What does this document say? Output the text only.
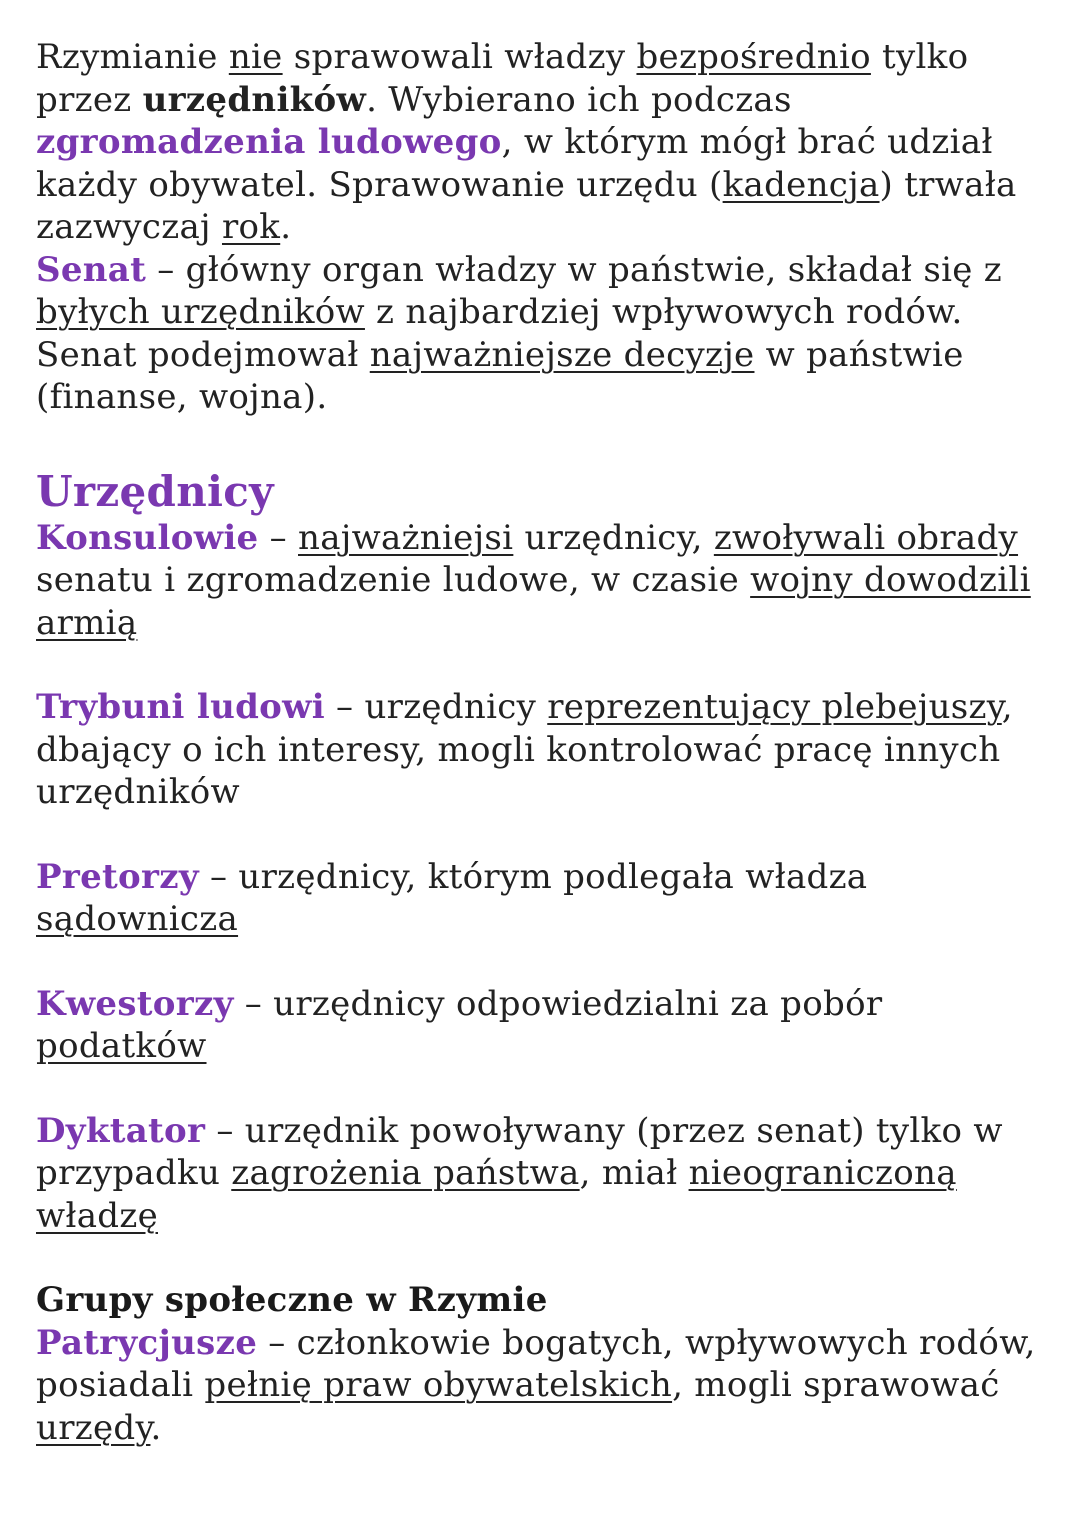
Rzymianie nie sprawowali władzy bezpośrednio tylko przez urzędników. Wybierano ich podczas zgromadzenia ludowego, w którym mógł brać udział każdy obywatel. Sprawowanie urzędu (kadencja) trwała zazwyczaj rok.

Senat – główny organ władzy w państwie, składał się z byłych urzędników z najbardziej wpływowych rodów. Senat podejmował najważniejsze decyzje w państwie (finanse, wojna).

Urzędnicy

Konsulowie – najważniejsi urzędnicy, zwoływali obrady senatu i zgromadzenie ludowe, w czasie wojny dowodzili armią

Trybuni ludowi – urzędnicy reprezentujący plebejuszy, dbający o ich interesy, mogli kontrolować pracę innych urzędników

Pretorzy – urzędnicy, którym podlegała władza sądownicza

Kwestorzy – urzędnicy odpowiedzialni za pobór podatków

Dyktator – urzędnik powoływany (przez senat) tylko w przypadku zagrożenia państwa, miał nieograniczoną władzę

Grupy społeczne w Rzymie

Patrycjusze – członkowie bogatych, wpływowych rodów, posiadali pełnię praw obywatelskich, mogli sprawować urzędy.
